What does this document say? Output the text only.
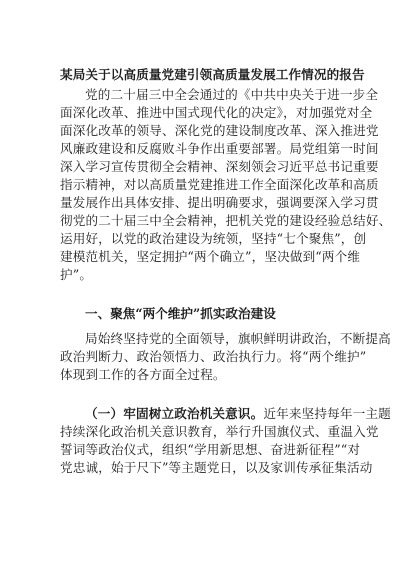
某局关于以高质量党建引领高质量发展工作情况的报告
党的二十届三中全会通过的《中共中央关于进一步全
面深化改革、推进中国式现代化的决定》，对加强党对全
面深化改革的领导、深化党的建设制度改革、深入推进党
风廉政建设和反腐败斗争作出重要部署。局党组第一时间
深入学习宣传贯彻全会精神、深刻领会习近平总书记重要
指示精神，对以高质量党建推进工作全面深化改革和高质
量发展作出具体安排、提出明确要求，强调要深入学习贯
彻党的二十届三中全会精神，把机关党的建设经验总结好、
运用好，以党的政治建设为统领，坚持“七个聚焦”，创
建模范机关，坚定拥护“两个确立”，坚决做到“两个维
护”。
一、聚焦“两个维护”抓实政治建设
局始终坚持党的全面领导，旗帜鲜明讲政治，不断提高
政治判断力、政治领悟力、政治执行力。将“两个维护”
体现到工作的各方面全过程。
（一）牢固树立政治机关意识。近年来坚持每年一主题
持续深化政治机关意识教育，举行升国旗仪式、重温入党
誓词等政治仪式，组织“学用新思想、奋进新征程”“对
党忠诚，始于尺下”等主题党日，以及家训传承征集活动
